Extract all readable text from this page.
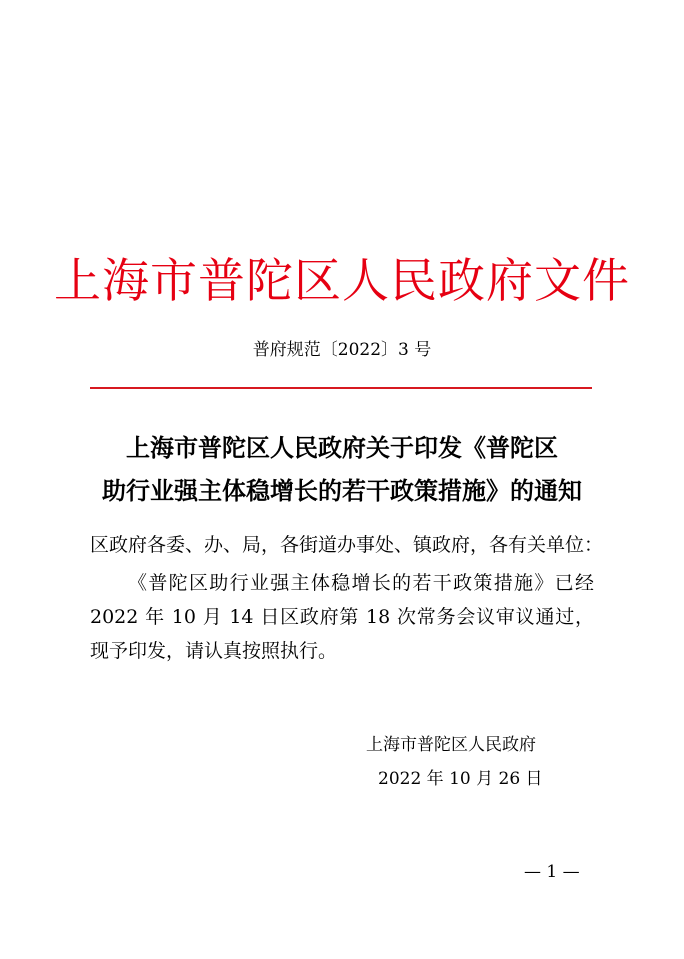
上海市普陀区人民政府文件
普府规范〔2022〕3 号
上海市普陀区人民政府关于印发《普陀区
助行业强主体稳增长的若干政策措施》的通知
区政府各委、办、局，各街道办事处、镇政府，各有关单位：
《普陀区助行业强主体稳增长的若干政策措施》已经 2022 年 10 月 14 日区政府第 18 次常务会议审议通过，现予印发，请认真按照执行。
上海市普陀区人民政府
2022 年 10 月 26 日
— 1 —
